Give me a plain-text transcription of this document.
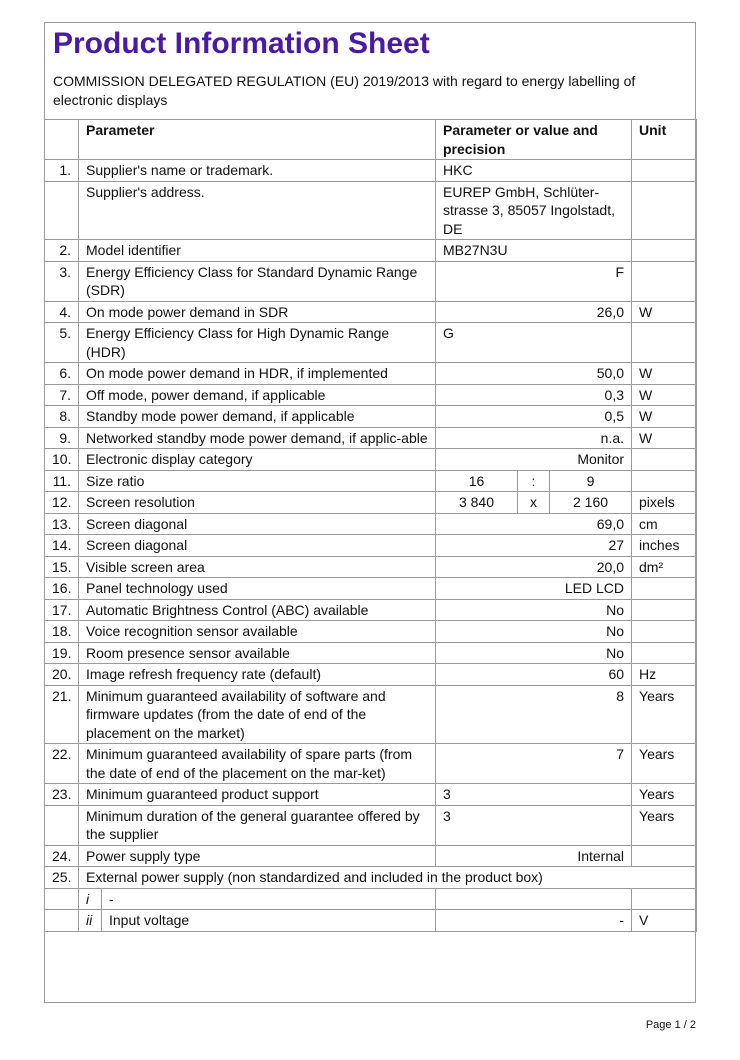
Product Information Sheet
COMMISSION DELEGATED REGULATION (EU) 2019/2013 with regard to energy labelling of electronic displays
	Parameter		Parameter or value and precision			Unit
1.	Supplier's name or trademark.		HKC			
	Supplier's address.		EUREP GmbH, Schlüter-strasse 3, 85057 Ingolstadt, DE			
2.	Model identifier		MB27N3U			
3.	Energy Efficiency Class for Standard Dynamic Range (SDR)		F			
4.	On mode power demand in SDR		26,0			W
5.	Energy Efficiency Class for High Dynamic Range (HDR)		G			
6.	On mode power demand in HDR, if implemented		50,0			W
7.	Off mode, power demand, if applicable		0,3			W
8.	Standby mode power demand, if applicable		0,5			W
9.	Networked standby mode power demand, if applic-able		n.a.			W
10.	Electronic display category		Monitor			
11.	Size ratio		16	:	9	
12.	Screen resolution		3 840	x	2 160	pixels
13.	Screen diagonal		69,0			cm
14.	Screen diagonal		27			inches
15.	Visible screen area		20,0			dm²
16.	Panel technology used		LED LCD			
17.	Automatic Brightness Control (ABC) available		No			
18.	Voice recognition sensor available		No			
19.	Room presence sensor available		No			
20.	Image refresh frequency rate (default)		60			Hz
21.	Minimum guaranteed availability of software and firmware updates (from the date of end of the placement on the market)		8			Years
22.	Minimum guaranteed availability of spare parts (from the date of end of the placement on the mar-ket)		7			Years
23.	Minimum guaranteed product support		3			Years
	Minimum duration of the general guarantee offered by the supplier		3			Years
24.	Power supply type		Internal			
25.	External power supply (non standardized and included in the product box)					
	i	-				
	ii	Input voltage	-			V
Page 1 / 2
